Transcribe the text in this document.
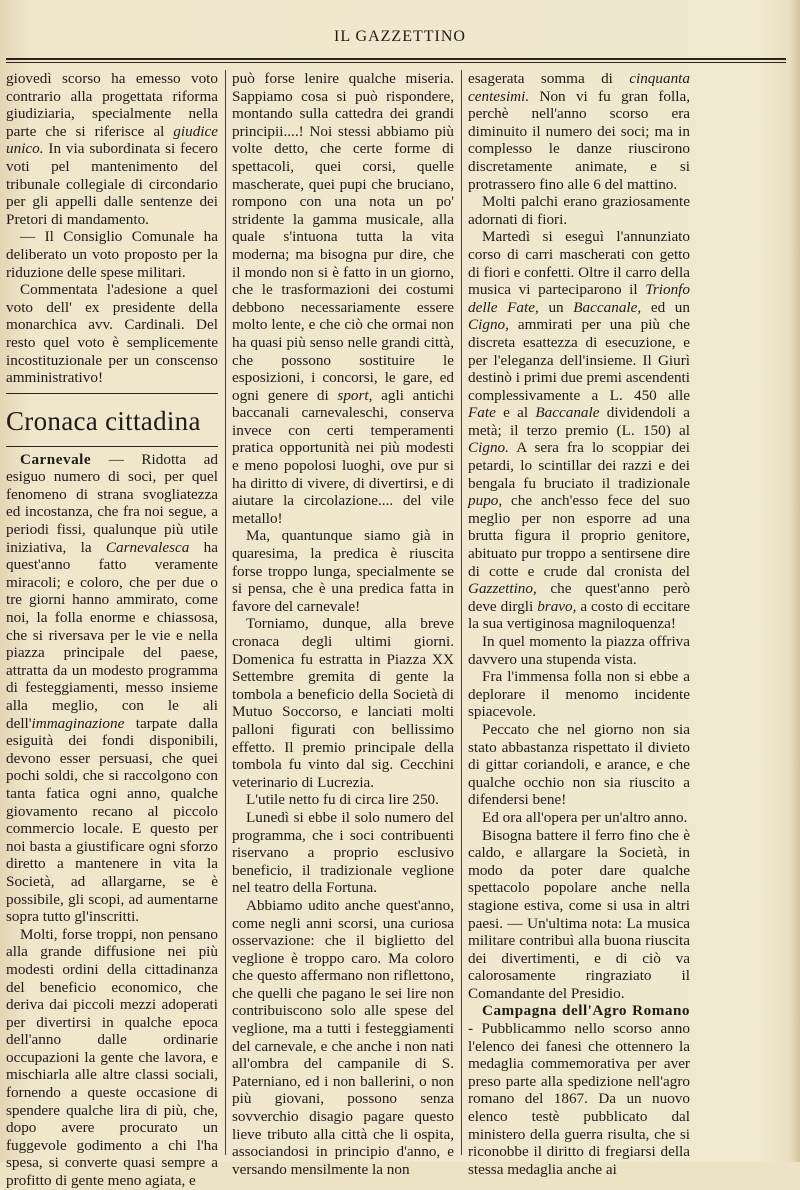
IL GAZZETTINO

giovedì scorso ha emesso voto contrario alla progettata riforma giudiziaria, specialmente nella parte che si riferisce al giudice unico. In via subordinata si fecero voti pel mantenimento del tribunale collegiale di circondario per gli appelli dalle sentenze dei Pretori di mandamento.

— Il Consiglio Comunale ha deliberato un voto proposto per la riduzione delle spese militari.

Commentata l'adesione a quel voto dell' ex presidente della monarchica avv. Cardinali. Del resto quel voto è semplicemente incostituzionale per un conscenso amministrativo!

Cronaca cittadina

Carnevale — Ridotta ad esiguo numero di soci, per quel fenomeno di strana svogliatezza ed incostanza, che fra noi segue, a periodi fissi, qualunque più utile iniziativa, la Carnevalesca ha quest'anno fatto veramente miracoli; e coloro, che per due o tre giorni hanno ammirato, come noi, la folla enorme e chiassosa, che si riversava per le vie e nella piazza principale del paese, attratta da un modesto programma di festeggiamenti, messo insieme alla meglio, con le ali dell'immaginazione tarpate dalla esiguità dei fondi disponibili, devono esser persuasi, che quei pochi soldi, che si raccolgono con tanta fatica ogni anno, qualche giovamento recano al piccolo commercio locale. E questo per noi basta a giustificare ogni sforzo diretto a mantenere in vita la Società, ad allargarne, se è possibile, gli scopi, ad aumentarne sopra tutto gl'inscritti.

Molti, forse troppi, non pensano alla grande diffusione nei più modesti ordini della cittadinanza del beneficio economico, che deriva dai piccoli mezzi adoperati per divertirsi in qualche epoca dell'anno dalle ordinarie occupazioni la gente che lavora, e mischiarla alle altre classi sociali, fornendo a queste occasione di spendere qualche lira di più, che, dopo avere procurato un fuggevole godimento a chi l'ha spesa, si converte quasi sempre a profitto di gente meno agiata, e

può forse lenire qualche miseria. Sappiamo cosa si può rispondere, montando sulla cattedra dei grandi principii....! Noi stessi abbiamo più volte detto, che certe forme di spettacoli, quei corsi, quelle mascherate, quei pupi che bruciano, rompono con una nota un po' stridente la gamma musicale, alla quale s'intuona tutta la vita moderna; ma bisogna pur dire, che il mondo non si è fatto in un giorno, che le trasformazioni dei costumi debbono necessariamente essere molto lente, e che ciò che ormai non ha quasi più senso nelle grandi città, che possono sostituire le esposizioni, i concorsi, le gare, ed ogni genere di sport, agli antichi baccanali carnevaleschi, conserva invece con certi temperamenti pratica opportunità nei più modesti e meno popolosi luoghi, ove pur si ha diritto di vivere, di divertirsi, e di aiutare la circolazione.... del vile metallo!

Ma, quantunque siamo già in quaresima, la predica è riuscita forse troppo lunga, specialmente se si pensa, che è una predica fatta in favore del carnevale!

Torniamo, dunque, alla breve cronaca degli ultimi giorni. Domenica fu estratta in Piazza XX Settembre gremita di gente la tombola a beneficio della Società di Mutuo Soccorso, e lanciati molti palloni figurati con bellissimo effetto. Il premio principale della tombola fu vinto dal sig. Cecchini veterinario di Lucrezia.

L'utile netto fu di circa lire 250.

Lunedì si ebbe il solo numero del programma, che i soci contribuenti riservano a proprio esclusivo beneficio, il tradizionale veglione nel teatro della Fortuna.

Abbiamo udito anche quest'anno, come negli anni scorsi, una curiosa osservazione: che il biglietto del veglione è troppo caro. Ma coloro che questo affermano non riflettono, che quelli che pagano le sei lire non contribuiscono solo alle spese del veglione, ma a tutti i festeggiamenti del carnevale, e che anche i non nati all'ombra del campanile di S. Paterniano, ed i non ballerini, o non più giovani, possono senza sovverchio disagio pagare questo lieve tributo alla città che li ospita, associandosi in principio d'anno, e versando mensilmente la non

esagerata somma di cinquanta centesimi. Non vi fu gran folla, perchè nell'anno scorso era diminuito il numero dei soci; ma in complesso le danze riuscirono discretamente animate, e si protrassero fino alle 6 del mattino.

Molti palchi erano graziosamente adornati di fiori.

Martedì si eseguì l'annunziato corso di carri mascherati con getto di fiori e confetti. Oltre il carro della musica vi parteciparono il Trionfo delle Fate, un Baccanale, ed un Cigno, ammirati per una più che discreta esattezza di esecuzione, e per l'eleganza dell'insieme. Il Giurì destinò i primi due premi ascendenti complessivamente a L. 450 alle Fate e al Baccanale dividendoli a metà; il terzo premio (L. 150) al Cigno. A sera fra lo scoppiar dei petardi, lo scintillar dei razzi e dei bengala fu bruciato il tradizionale pupo, che anch'esso fece del suo meglio per non esporre ad una brutta figura il proprio genitore, abituato pur troppo a sentirsene dire di cotte e crude dal cronista del Gazzettino, che quest'anno però deve dirgli bravo, a costo di eccitare la sua vertiginosa magniloquenza!

In quel momento la piazza offriva davvero una stupenda vista.

Fra l'immensa folla non si ebbe a deplorare il menomo incidente spiacevole.

Peccato che nel giorno non sia stato abbastanza rispettato il divieto di gittar coriandoli, e arance, e che qualche occhio non sia riuscito a difendersi bene!

Ed ora all'opera per un'altro anno.

Bisogna battere il ferro fino che è caldo, e allargare la Società, in modo da poter dare qualche spettacolo popolare anche nella stagione estiva, come si usa in altri paesi. — Un'ultima nota: La musica militare contribuì alla buona riuscita dei divertimenti, e di ciò va calorosamente ringraziato il Comandante del Presidio.

Campagna dell'Agro Romano - Pubblicammo nello scorso anno l'elenco dei fanesi che ottennero la medaglia commemorativa per aver preso parte alla spedizione nell'agro romano del 1867. Da un nuovo elenco testè pubblicato dal ministero della guerra risulta, che si riconobbe il diritto di fregiarsi della stessa medaglia anche ai
